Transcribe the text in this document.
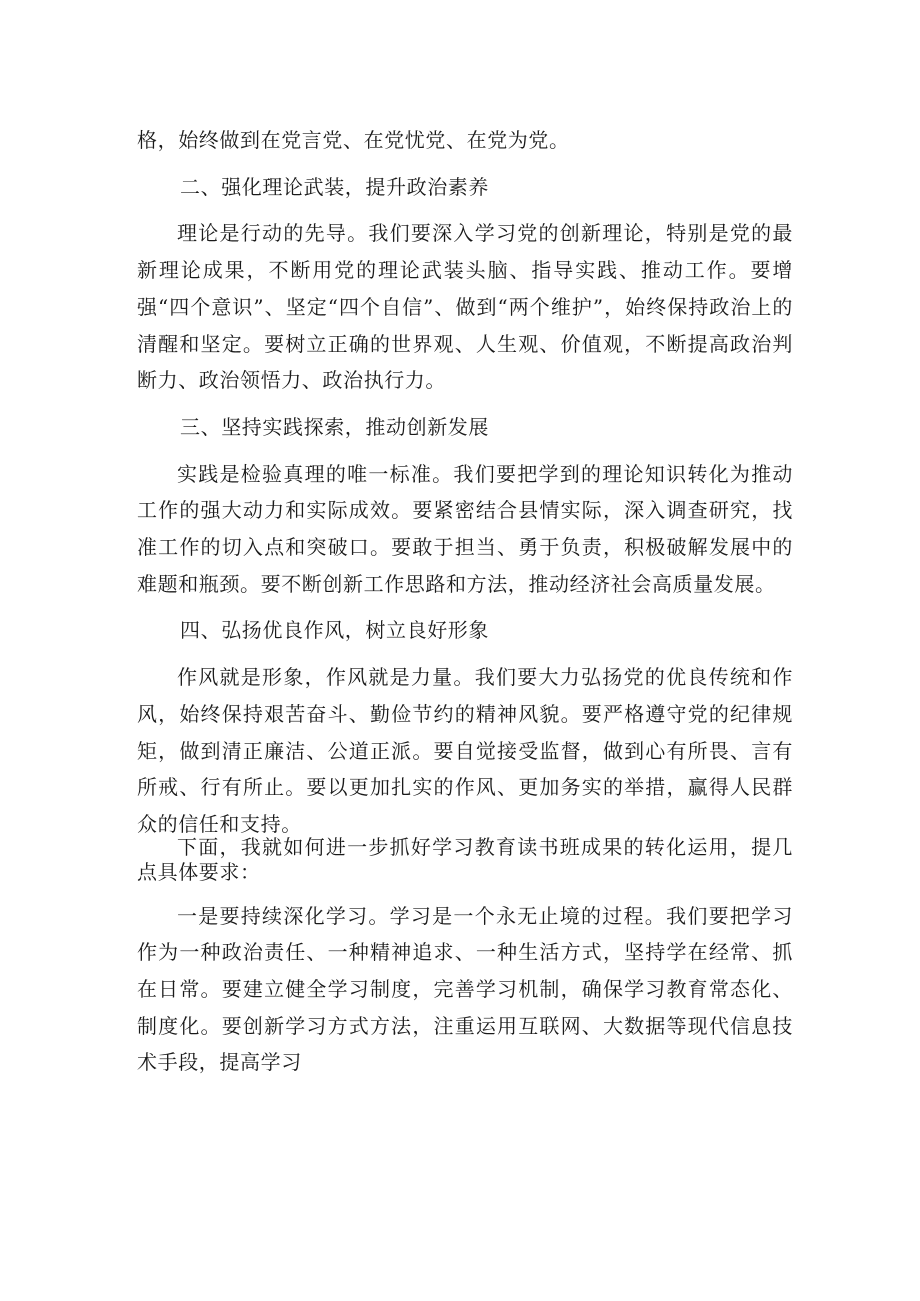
格，始终做到在党言党、在党忧党、在党为党。

二、强化理论武装，提升政治素养

理论是行动的先导。我们要深入学习党的创新理论，特别是党的最新理论成果，不断用党的理论武装头脑、指导实践、推动工作。要增强“四个意识”、坚定“四个自信”、做到“两个维护”，始终保持政治上的清醒和坚定。要树立正确的世界观、人生观、价值观，不断提高政治判断力、政治领悟力、政治执行力。

三、坚持实践探索，推动创新发展

实践是检验真理的唯一标准。我们要把学到的理论知识转化为推动工作的强大动力和实际成效。要紧密结合县情实际，深入调查研究，找准工作的切入点和突破口。要敢于担当、勇于负责，积极破解发展中的难题和瓶颈。要不断创新工作思路和方法，推动经济社会高质量发展。

四、弘扬优良作风，树立良好形象

作风就是形象，作风就是力量。我们要大力弘扬党的优良传统和作风，始终保持艰苦奋斗、勤俭节约的精神风貌。要严格遵守党的纪律规矩，做到清正廉洁、公道正派。要自觉接受监督，做到心有所畏、言有所戒、行有所止。要以更加扎实的作风、更加务实的举措，赢得人民群众的信任和支持。

下面，我就如何进一步抓好学习教育读书班成果的转化运用，提几点具体要求：

一是要持续深化学习。学习是一个永无止境的过程。我们要把学习作为一种政治责任、一种精神追求、一种生活方式，坚持学在经常、抓在日常。要建立健全学习制度，完善学习机制，确保学习教育常态化、制度化。要创新学习方式方法，注重运用互联网、大数据等现代信息技术手段，提高学习
